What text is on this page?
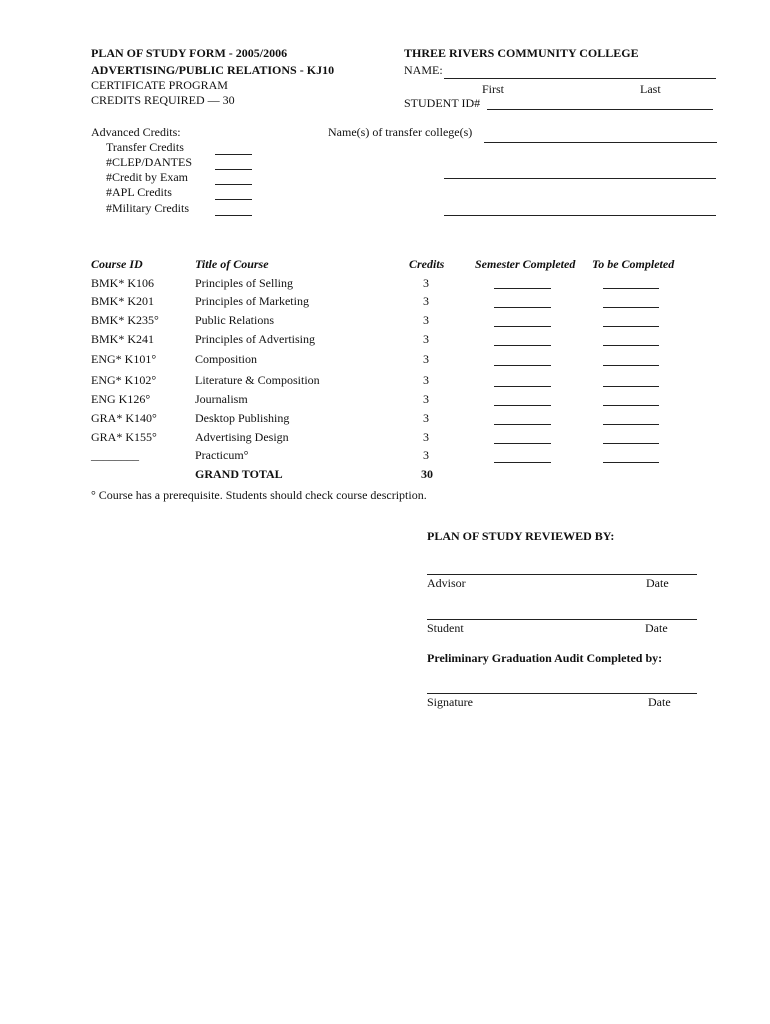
PLAN OF STUDY FORM - 2005/2006
ADVERTISING/PUBLIC RELATIONS - KJ10
CERTIFICATE PROGRAM
CREDITS REQUIRED — 30
THREE RIVERS COMMUNITY COLLEGE
NAME:
First	Last
STUDENT ID#
Advanced Credits:
Transfer Credits
#CLEP/DANTES
#Credit by Exam
#APL Credits
#Military Credits
Name(s) of transfer college(s)
Course ID	Title of Course	Credits	Semester Completed To be Completed
BMK* K106	Principles of Selling	3
BMK* K201	Principles of Marketing	3
BMK* K235°	Public Relations	3
BMK* K241	Principles of Advertising	3
ENG* K101°	Composition	3
ENG* K102°	Literature & Composition	3
ENG K126°	Journalism	3
GRA* K140°	Desktop Publishing	3
GRA* K155°	Advertising Design	3
________	Practicum°	3
GRAND TOTAL	30
° Course has a prerequisite. Students should check course description.
PLAN OF STUDY REVIEWED BY:
Advisor	Date
Student	Date
Preliminary Graduation Audit Completed by:
Signature	Date
